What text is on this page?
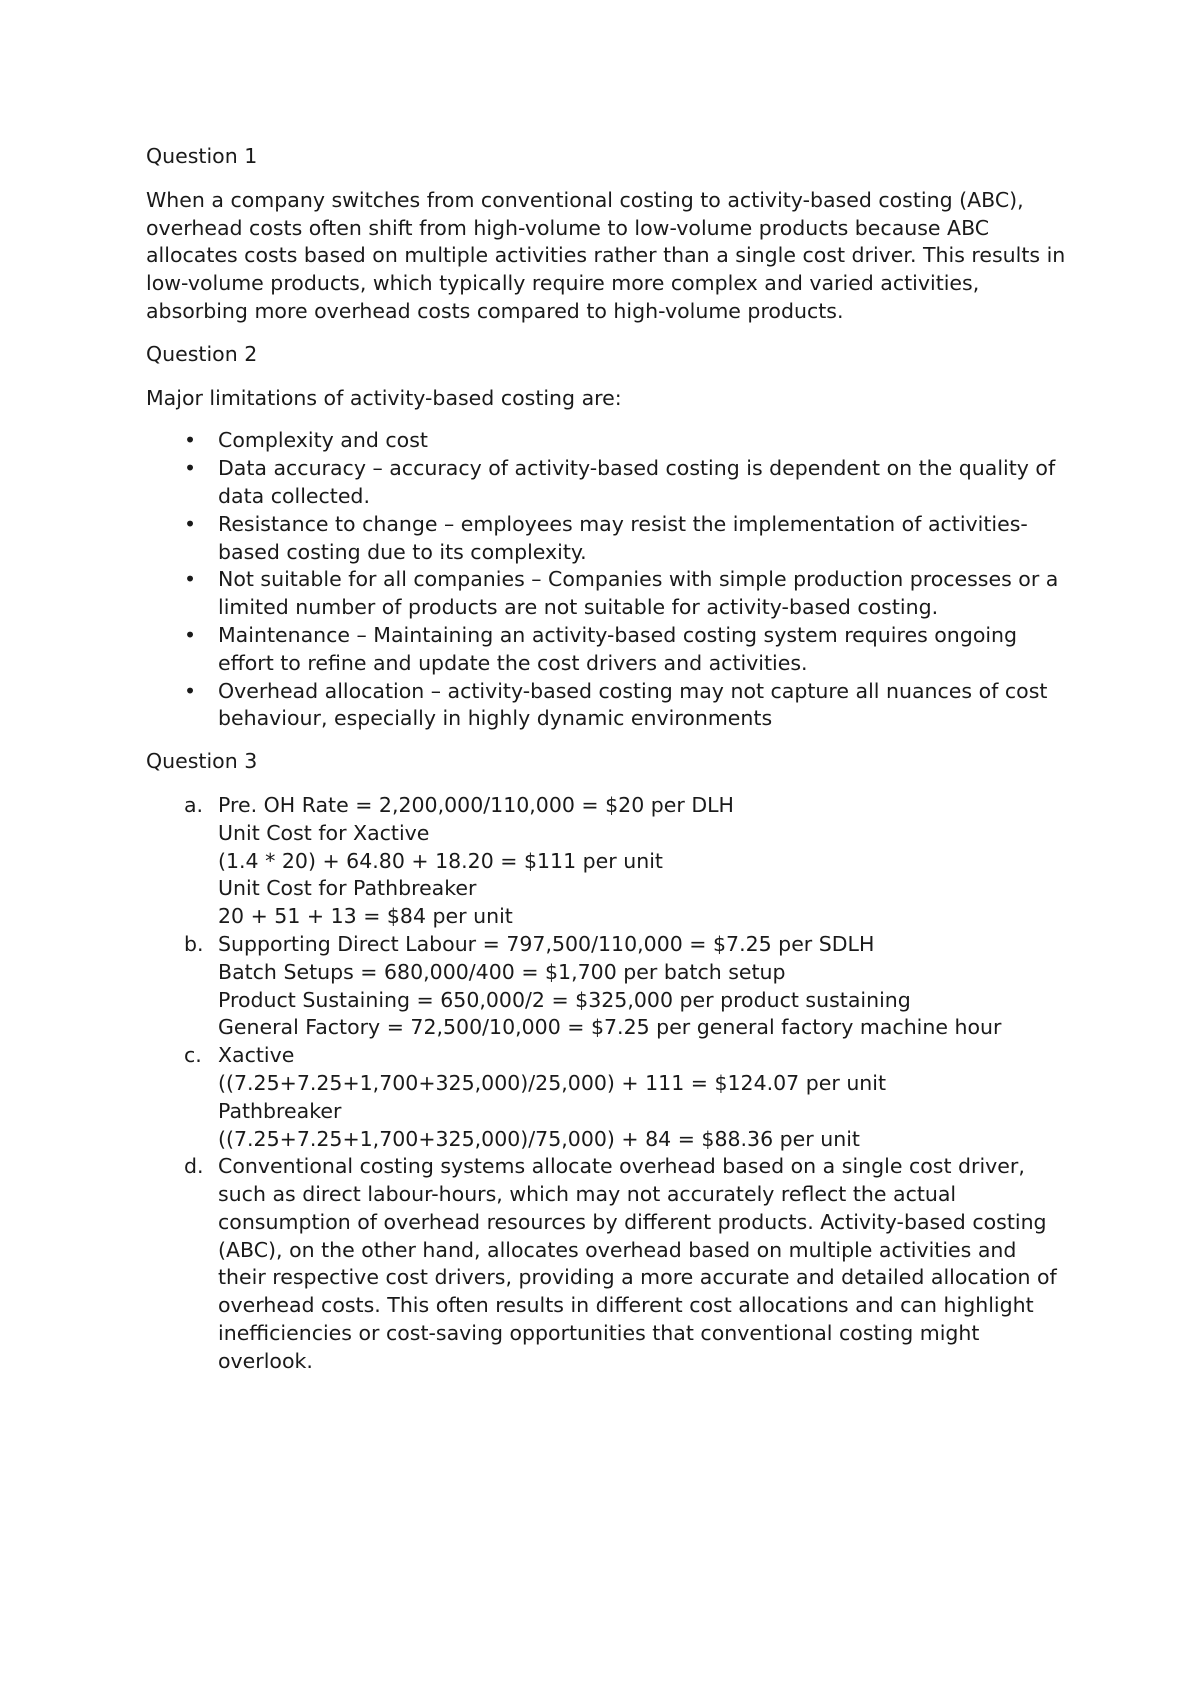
Question 1

When a company switches from conventional costing to activity-based costing (ABC), overhead costs often shift from high-volume to low-volume products because ABC allocates costs based on multiple activities rather than a single cost driver. This results in low-volume products, which typically require more complex and varied activities, absorbing more overhead costs compared to high-volume products.

Question 2

Major limitations of activity-based costing are:

• Complexity and cost
• Data accuracy – accuracy of activity-based costing is dependent on the quality of data collected.
• Resistance to change – employees may resist the implementation of activities-based costing due to its complexity.
• Not suitable for all companies – Companies with simple production processes or a limited number of products are not suitable for activity-based costing.
• Maintenance – Maintaining an activity-based costing system requires ongoing effort to refine and update the cost drivers and activities.
• Overhead allocation – activity-based costing may not capture all nuances of cost behaviour, especially in highly dynamic environments

Question 3

a. Pre. OH Rate = 2,200,000/110,000 = $20 per DLH
Unit Cost for Xactive
(1.4 * 20) + 64.80 + 18.20 = $111 per unit
Unit Cost for Pathbreaker
20 + 51 + 13 = $84 per unit
b. Supporting Direct Labour = 797,500/110,000 = $7.25 per SDLH
Batch Setups = 680,000/400 = $1,700 per batch setup
Product Sustaining = 650,000/2 = $325,000 per product sustaining
General Factory = 72,500/10,000 = $7.25 per general factory machine hour
c. Xactive
((7.25+7.25+1,700+325,000)/25,000) + 111 = $124.07 per unit
Pathbreaker
((7.25+7.25+1,700+325,000)/75,000) + 84 = $88.36 per unit
d. Conventional costing systems allocate overhead based on a single cost driver, such as direct labour-hours, which may not accurately reflect the actual consumption of overhead resources by different products. Activity-based costing (ABC), on the other hand, allocates overhead based on multiple activities and their respective cost drivers, providing a more accurate and detailed allocation of overhead costs. This often results in different cost allocations and can highlight inefficiencies or cost-saving opportunities that conventional costing might overlook.
